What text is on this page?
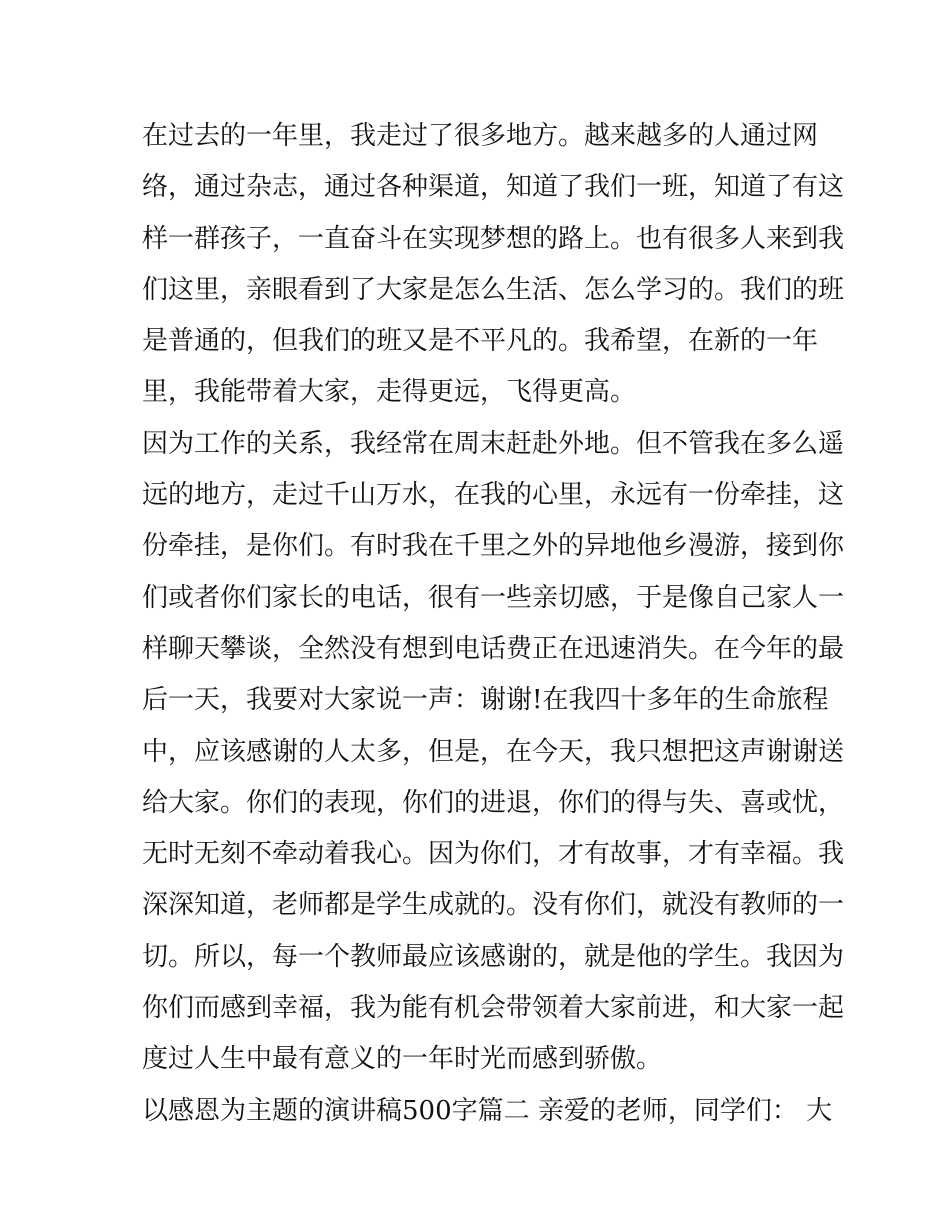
在过去的一年里，我走过了很多地方。越来越多的人通过网
络，通过杂志，通过各种渠道，知道了我们一班，知道了有这
样一群孩子，一直奋斗在实现梦想的路上。也有很多人来到我
们这里，亲眼看到了大家是怎么生活、怎么学习的。我们的班
是普通的，但我们的班又是不平凡的。我希望，在新的一年
里，我能带着大家，走得更远，飞得更高。
因为工作的关系，我经常在周末赶赴外地。但不管我在多么遥
远的地方，走过千山万水，在我的心里，永远有一份牵挂，这
份牵挂，是你们。有时我在千里之外的异地他乡漫游，接到你
们或者你们家长的电话，很有一些亲切感，于是像自己家人一
样聊天攀谈，全然没有想到电话费正在迅速消失。在今年的最
后一天，我要对大家说一声：谢谢!在我四十多年的生命旅程
中，应该感谢的人太多，但是，在今天，我只想把这声谢谢送
给大家。你们的表现，你们的进退，你们的得与失、喜或忧，
无时无刻不牵动着我心。因为你们，才有故事，才有幸福。我
深深知道，老师都是学生成就的。没有你们，就没有教师的一
切。所以，每一个教师最应该感谢的，就是他的学生。我因为
你们而感到幸福，我为能有机会带领着大家前进，和大家一起
度过人生中最有意义的一年时光而感到骄傲。
以感恩为主题的演讲稿500字篇二 亲爱的老师，同学们： 大
